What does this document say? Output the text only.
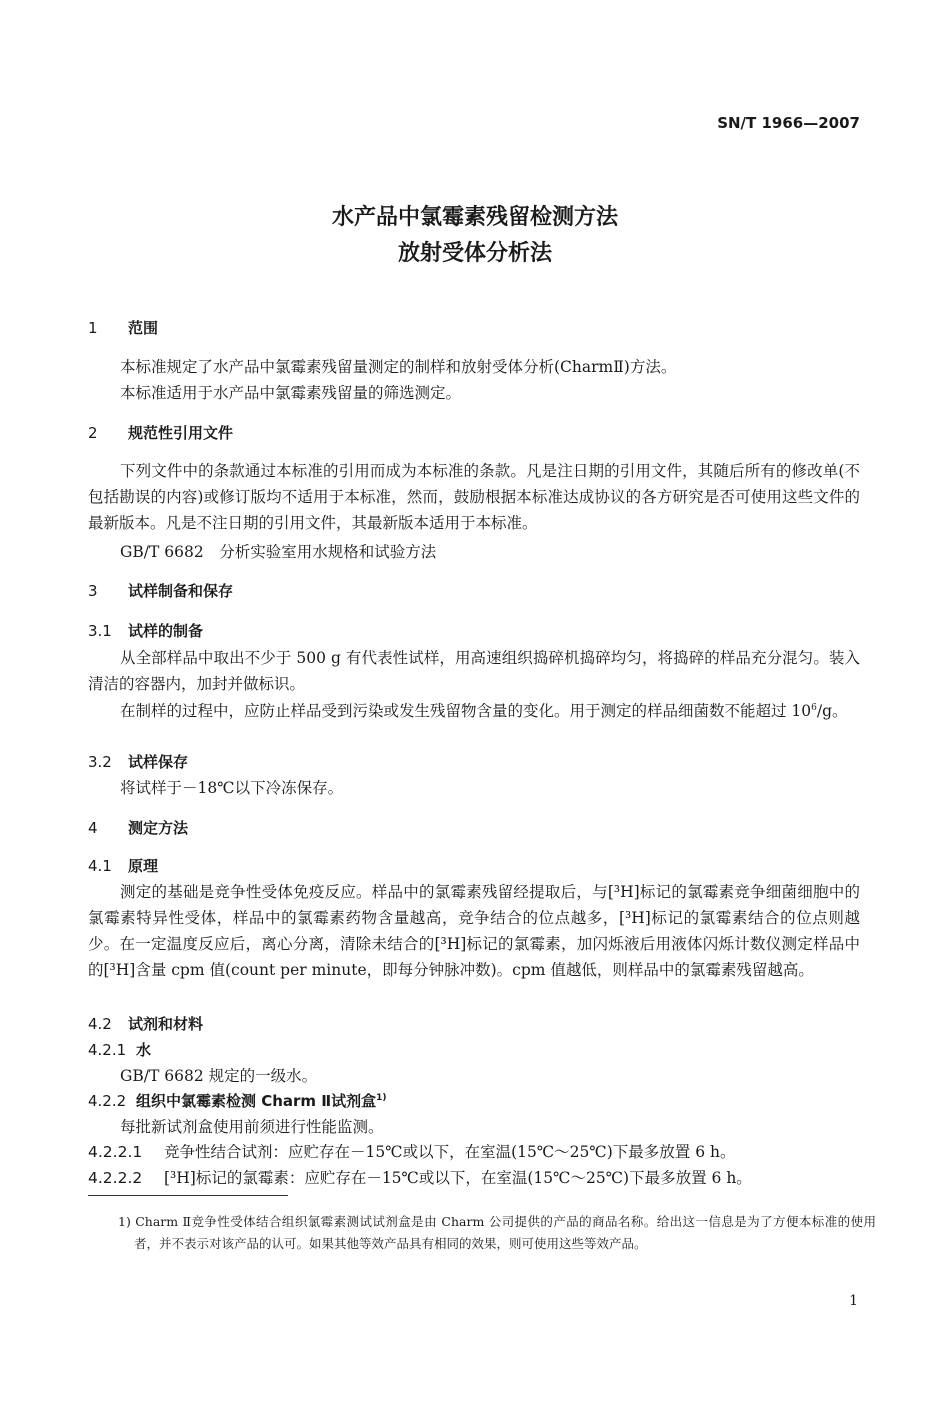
SN/T 1966—2007
水产品中氯霉素残留检测方法
放射受体分析法
1 范围
本标准规定了水产品中氯霉素残留量测定的制样和放射受体分析(CharmⅡ)方法。
本标准适用于水产品中氯霉素残留量的筛选测定。
2 规范性引用文件
下列文件中的条款通过本标准的引用而成为本标准的条款。凡是注日期的引用文件，其随后所有的修改单(不包括勘误的内容)或修订版均不适用于本标准，然而，鼓励根据本标准达成协议的各方研究是否可使用这些文件的最新版本。凡是不注日期的引用文件，其最新版本适用于本标准。
GB/T 6682　分析实验室用水规格和试验方法
3 试样制备和保存
3.1 试样的制备
从全部样品中取出不少于 500 g 有代表性试样，用高速组织捣碎机捣碎均匀，将捣碎的样品充分混匀。装入清洁的容器内，加封并做标识。
在制样的过程中，应防止样品受到污染或发生残留物含量的变化。用于测定的样品细菌数不能超过 $10^6/g$。
3.2 试样保存
将试样于－18℃以下冷冻保存。
4 测定方法
4.1 原理
测定的基础是竞争性受体免疫反应。样品中的氯霉素残留经提取后，与[³H]标记的氯霉素竞争细菌细胞中的氯霉素特异性受体，样品中的氯霉素药物含量越高，竞争结合的位点越多，[³H]标记的氯霉素结合的位点则越少。在一定温度反应后，离心分离，清除未结合的[³H]标记的氯霉素，加闪烁液后用液体闪烁计数仪测定样品中的[³H]含量 cpm 值(count per minute，即每分钟脉冲数)。cpm 值越低，则样品中的氯霉素残留越高。
4.2 试剂和材料
4.2.1 水
GB/T 6682 规定的一级水。
4.2.2 组织中氯霉素检测 Charm Ⅱ试剂盒$^{1)}$
每批新试剂盒使用前须进行性能监测。
4.2.2.1 竞争性结合试剂：应贮存在－15℃或以下，在室温(15℃～25℃)下最多放置 6 h。
4.2.2.2 [³H]标记的氯霉素：应贮存在－15℃或以下，在室温(15℃～25℃)下最多放置 6 h。
1) Charm Ⅱ竞争性受体结合组织氯霉素测试试剂盒是由 Charm 公司提供的产品的商品名称。给出这一信息是为了方便本标准的使用者，并不表示对该产品的认可。如果其他等效产品具有相同的效果，则可使用这些等效产品。
1
